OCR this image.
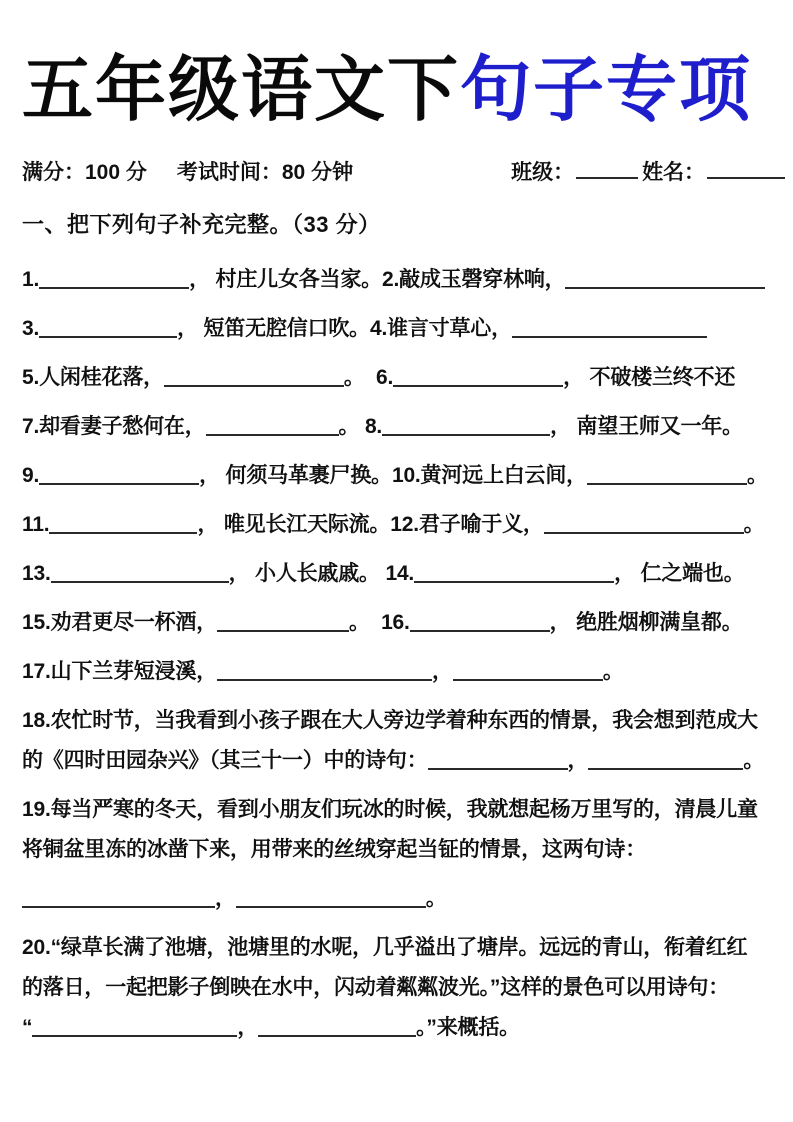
五年级语文下句子专项
满分：100 分 考试时间：80 分钟	班级：	姓名：
一、把下列句子补充完整。（33 分）
1.	， 村庄儿女各当家。2.敲成玉磬穿林响，
3.	， 短笛无腔信口吹。4.谁言寸草心，
5.人闲桂花落，	。  6.	， 不破楼兰终不还
7.却看妻子愁何在，	。 8.	， 南望王师又一年。
9.	， 何须马革裹尸换。10.黄河远上白云间，	。
11.	， 唯见长江天际流。12.君子喻于义，	。
13.	， 小人长戚戚。 14.	， 仁之端也。
15.劝君更尽一杯酒，	。  16.	， 绝胜烟柳满皇都。
17.山下兰芽短浸溪，	，	。
18.农忙时节，当我看到小孩子跟在大人旁边学着种东西的情景，我会想到范成大
的《四时田园杂兴》（其三十一）中的诗句：	，	。
19.每当严寒的冬天，看到小朋友们玩冰的时候，我就想起杨万里写的，清晨儿童
将铜盆里冻的冰凿下来，用带来的丝绒穿起当钲的情景，这两句诗：
，	。
20.“绿草长满了池塘，池塘里的水呢，几乎溢出了塘岸。远远的青山，衔着红红
的落日，一起把影子倒映在水中，闪动着粼粼波光。”这样的景色可以用诗句：
“	，	。”来概括。
